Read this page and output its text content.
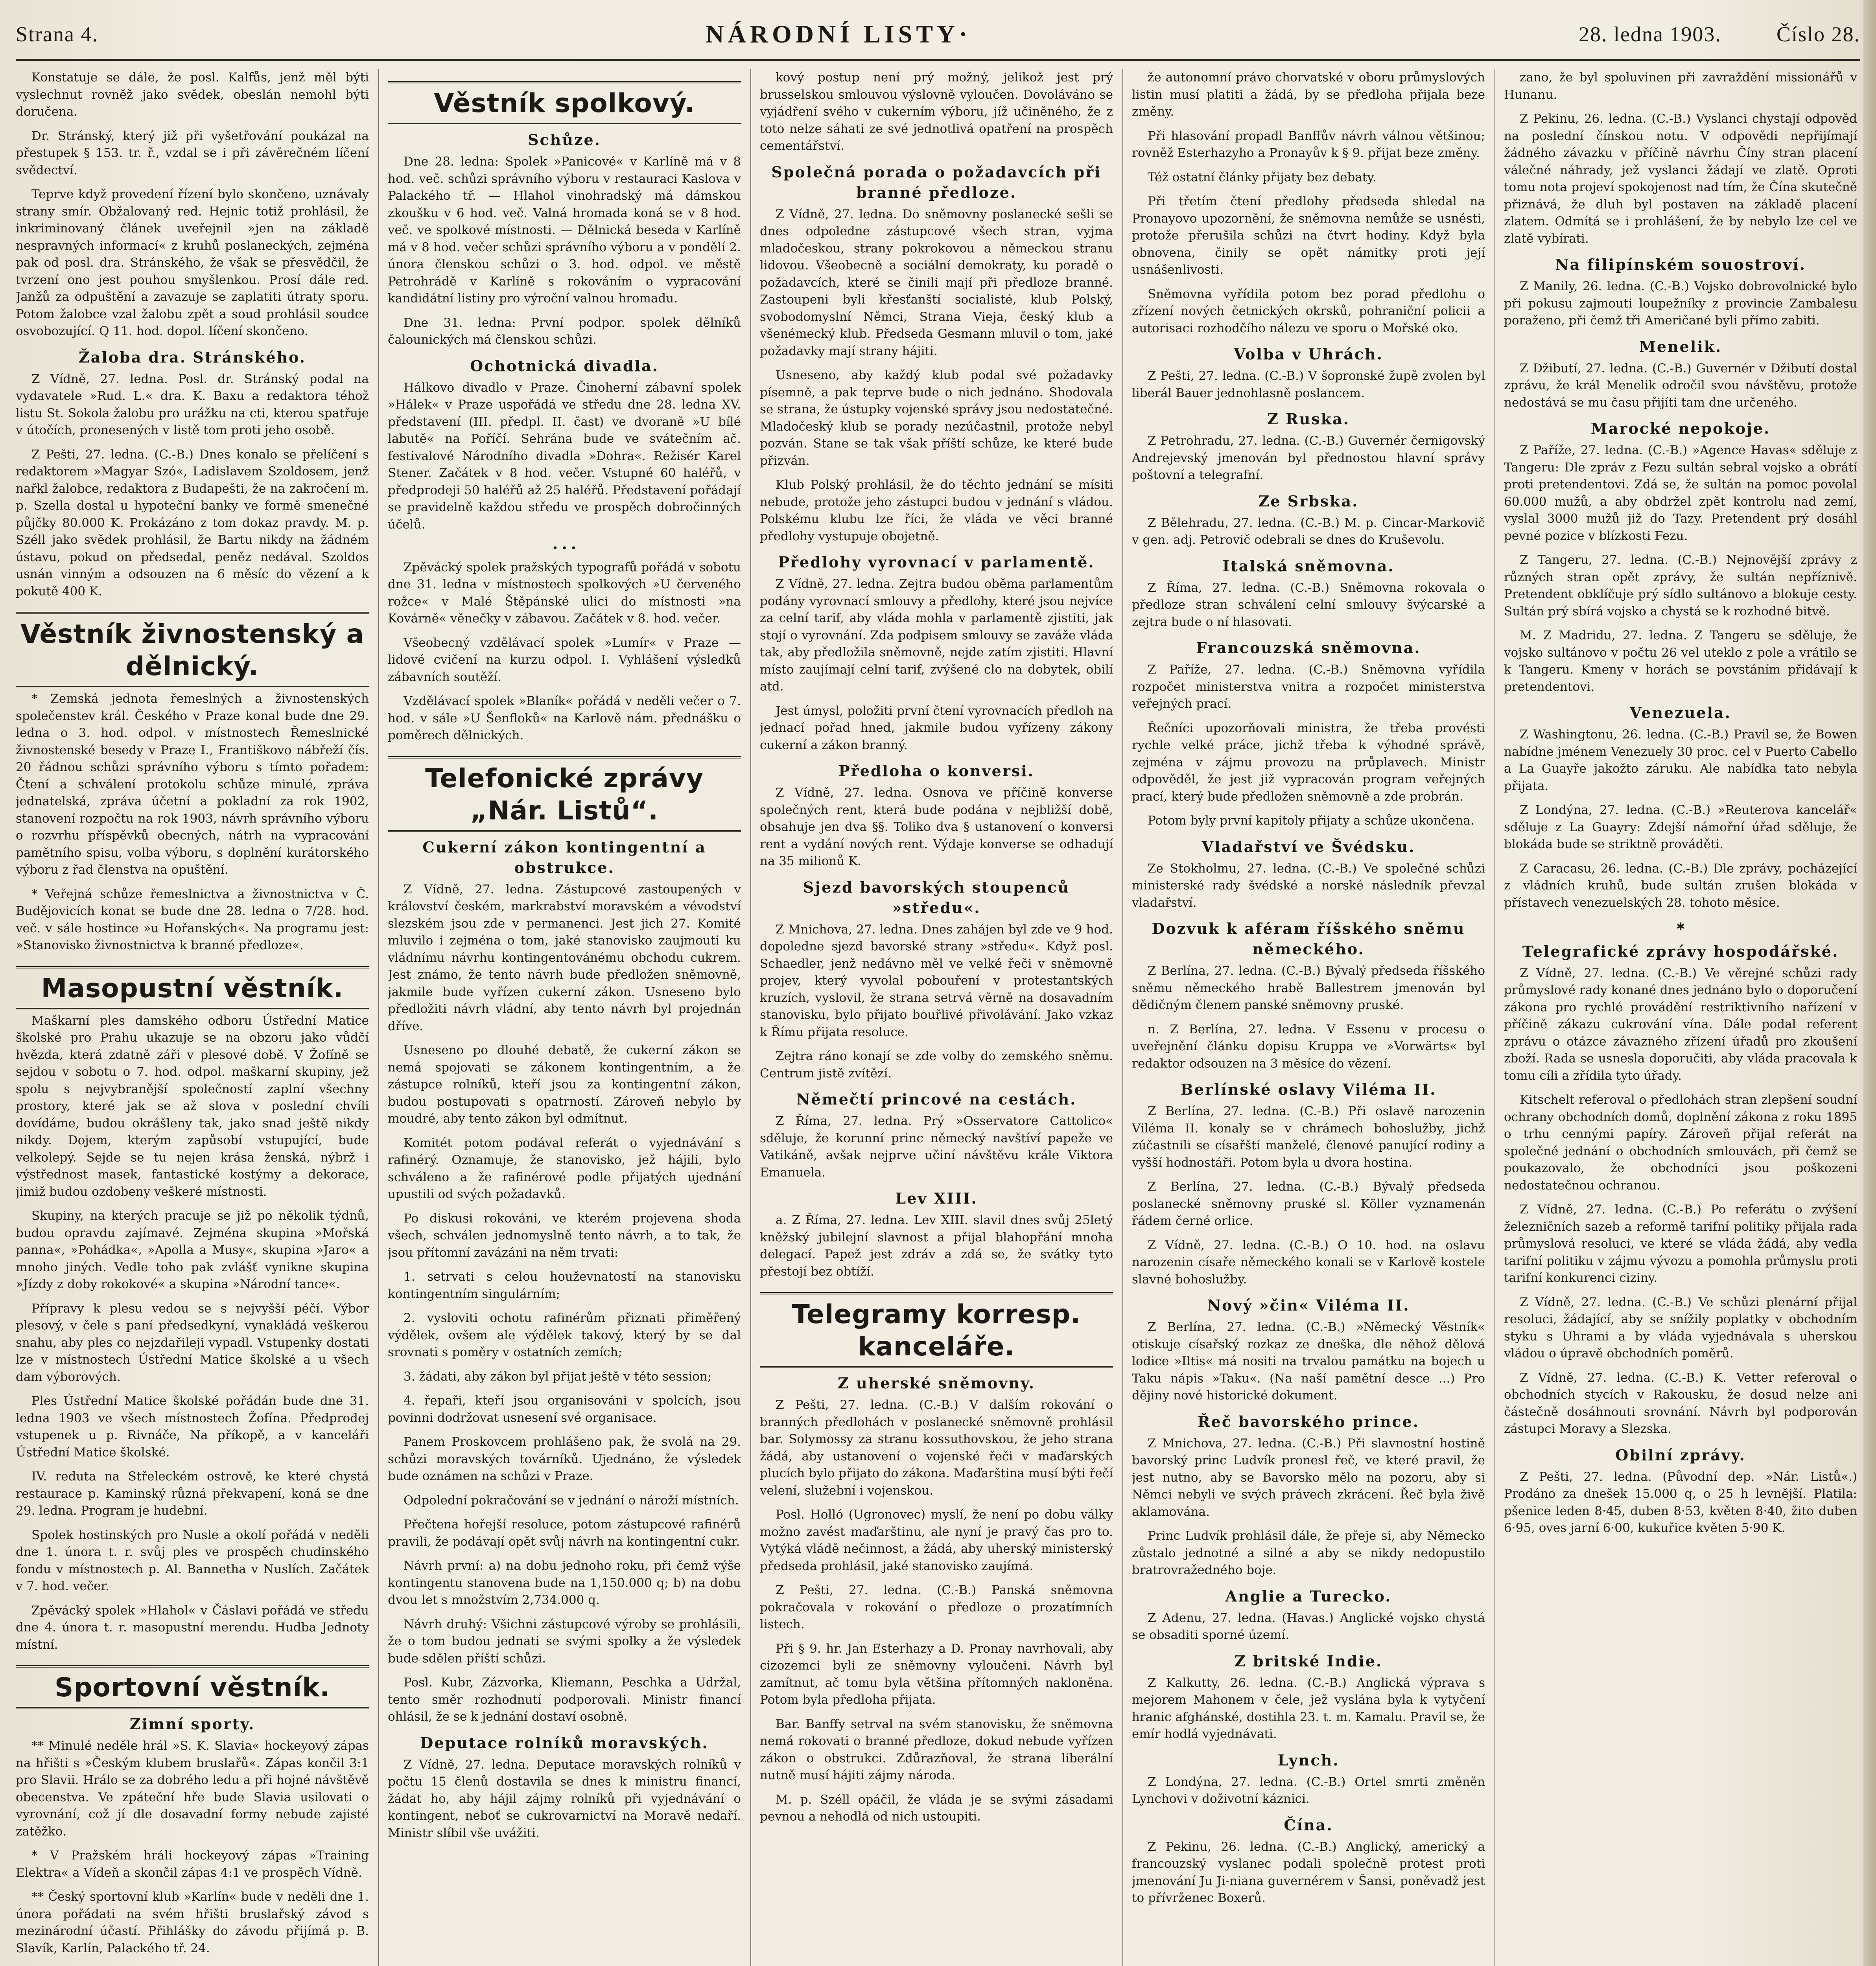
Strana 4.	NÁRODNÍ LISTY·	28. ledna 1903.	Číslo 28.

Konstatuje se dále, že posl. Kalfůs, jenž měl býti vyslechnut rovněž jako svědek, obeslán nemohl býti doručena.

Dr. Stránský, který již při vyšetřování poukázal na přestupek § 153. tr. ř., vzdal se i při závěrečném líčení svědectví.

Teprve když provedení řízení bylo skončeno, uznávaly strany smír. Obžalovaný red. Hejnic totiž prohlásil, že inkriminovaný článek uveřejnil »jen na základě nespravných informací« z kruhů poslaneckých, zejména pak od posl. dra. Stránského, že však se přesvědčil, že tvrzení ono jest pouhou smyšlenkou. Prosí dále red. Janžů za odpuštění a zavazuje se zaplatiti útraty sporu. Potom žalobce vzal žalobu zpět a soud prohlásil soudce osvobozující. Q 11. hod. dopol. líčení skončeno.

Žaloba dra. Stránského.

Z Vídně, 27. ledna. Posl. dr. Stránský podal na vydavatele »Rud. L.« dra. K. Baxu a redaktora téhož listu St. Sokola žalobu pro urážku na cti, kterou spatřuje v útočích, pronesených v listě tom proti jeho osobě.

Z Pešti, 27. ledna. (C.-B.) Dnes konalo se přelíčení s redaktorem »Magyar Szó«, Ladislavem Szoldosem, jenž nařkl žalobce, redaktora z Budapešti, že na zakročení m. p. Szella dostal u hypoteční banky ve formě smenečné půjčky 80.000 K. Prokázáno z tom dokaz pravdy. M. p. Széll jako svědek prohlásil, že Bartu nikdy na žádném ústavu, pokud on předsedal, peněz nedával. Szoldos usnán vinným a odsouzen na 6 měsíc do vězení a k pokutě 400 K.

Věstník živnostenský a dělnický.

* Zemská jednota řemeslných a živnostenských společenstev král. Českého v Praze konal bude dne 29. ledna o 3. hod. odpol. v místnostech Řemeslnické živnostenské besedy v Praze I., Františkovo nábřeží čís. 20 řádnou schůzi správního výboru s tímto pořadem: Čtení a schválení protokolu schůze minulé, zpráva jednatelská, zpráva účetní a pokladní za rok 1902, stanovení rozpočtu na rok 1903, návrh správního výboru o rozvrhu příspěvků obecných, nátrh na vypracování pamětního spisu, volba výboru, s doplnění kurátorského výboru z řad členstva na opuštění.

* Veřejná schůze řemeslnictva a živnostnictva v Č. Budějovicích konat se bude dne 28. ledna o 7/28. hod. več. v sále hostince »u Hořanských«. Na programu jest: »Stanovisko živnostnictva k branné předloze«.

Masopustní věstník.

Maškarní ples damského odboru Ústřední Matice školské pro Prahu ukazuje se na obzoru jako vůdčí hvězda, která zdatně záři v plesové době. V Žofíně se sejdou v sobotu o 7. hod. odpol. maškarní skupiny, jež spolu s nejvybranější společností zaplní všechny prostory, které jak se až slova v poslední chvíli dovídáme, budou okrášleny tak, jako snad ještě nikdy nikdy. Dojem, kterým zapůsobí vstupující, bude velkolepý. Sejde se tu nejen krása ženská, nýbrž i výstřednost masek, fantastické kostýmy a dekorace, jimiž budou ozdobeny veškeré místnosti.

Skupiny, na kterých pracuje se již po několik týdnů, budou opravdu zajímavé. Zejména skupina »Mořská panna«, »Pohádka«, »Apolla a Musy«, skupina »Jaro« a mnoho jiných. Vedle toho pak zvlášť vynikne skupina »Jízdy z doby rokokové« a skupina »Národní tance«.

Přípravy k plesu vedou se s nejvyšší péčí. Výbor plesový, v čele s paní předsedkyní, vynakládá veškerou snahu, aby ples co nejzdařileji vypadl. Vstupenky dostati lze v místnostech Ústřední Matice školské a u všech dam výborových.

Ples Ústřední Matice školské pořádán bude dne 31. ledna 1903 ve všech místnostech Žofína. Předprodej vstupenek u p. Rivnáče, Na příkopě, a v kanceláři Ústřední Matice školské.

IV. reduta na Střeleckém ostrově, ke které chystá restaurace p. Kaminský různá překvapení, koná se dne 29. ledna. Program je hudební.

Spolek hostinských pro Nusle a okolí pořádá v neděli dne 1. února t. r. svůj ples ve prospěch chudinského fondu v místnostech p. Al. Bannetha v Nuslích. Začátek v 7. hod. večer.

Zpěvácký spolek »Hlahol« v Čáslavi pořádá ve středu dne 4. února t. r. masopustní merendu. Hudba Jednoty místní.

Sportovní věstník.
Zimní sporty.

** Minulé neděle hrál »S. K. Slavia« hockeyový zápas na hřišti s »Českým klubem bruslařů«. Zápas končil 3:1 pro Slavii. Hrálo se za dobrého ledu a při hojné návštěvě obecenstva. Ve zpáteční hře bude Slavia usilovati o vyrovnání, což jí dle dosavadní formy nebude zajisté zatěžko.

* V Pražském hráli hockeyový zápas »Training Elektra« a Vídeň a skončil zápas 4:1 ve prospěch Vídně.

** Český sportovní klub »Karlín« bude v neděli dne 1. února pořádati na svém hřišti bruslařský závod s mezinárodní účastí. Přihlášky do závodu přijímá p. B. Slavík, Karlín, Palackého tř. 24.

Věstník spolkový.
Schůze.

Dne 28. ledna: Spolek »Panicové« v Karlíně má v 8 hod. več. schůzi správního výboru v restauraci Kaslova v Palackého tř. — Hlahol vinohradský má dámskou zkoušku v 6 hod. več. Valná hromada koná se v 8 hod. več. ve spolkové místnosti. — Dělnická beseda v Karlíně má v 8 hod. večer schůzi správního výboru a v pondělí 2. února členskou schůzi o 3. hod. odpol. ve městě Petrohrádě v Karlíně s rokováním o vypracování kandidátní listiny pro výroční valnou hromadu.

Dne 31. ledna: První podpor. spolek dělníků čalounických má členskou schůzi.

Ochotnická divadla.

Hálkovo divadlo v Praze. Činoherní zábavní spolek »Hálek« v Praze uspořádá ve středu dne 28. ledna XV. představení (III. předpl. II. čast) ve dvoraně »U bílé labutě« na Poříčí. Sehrána bude ve svátečním ač. festivalové Národního divadla »Dohra«. Režisér Karel Stener. Začátek v 8 hod. večer. Vstupné 60 haléřů, v předprodeji 50 haléřů až 25 haléřů. Představení pořádají se pravidelně každou středu ve prospěch dobročinných účelů.

• • •

Zpěvácký spolek pražských typografů pořádá v sobotu dne 31. ledna v místnostech spolkových »U červeného rožce« v Malé Štěpánské ulici do místnosti »na Kovárně« věnečky v zábavou. Začátek v 8. hod. večer.

Všeobecný vzdělávací spolek »Lumír« v Praze — lidové cvičení na kurzu odpol. I. Vyhlášení výsledků zábavních soutěží.

Vzdělávací spolek »Blaník« pořádá v neděli večer o 7. hod. v sále »U Šenfloků« na Karlově nám. přednášku o poměrech dělnických.

Telefonické zprávy „Nár. Listů“.
Cukerní zákon kontingentní a obstrukce.

Z Vídně, 27. ledna. Zástupcové zastoupených v království českém, markrabství moravském a vévodství slezském jsou zde v permanenci. Jest jich 27. Komité mluvilo i zejména o tom, jaké stanovisko zaujmouti ku vládnímu návrhu kontingentovánému obchodu cukrem. Jest známo, že tento návrh bude předložen sněmovně, jakmile bude vyřízen cukerní zákon. Usneseno bylo předložiti návrh vládní, aby tento návrh byl projednán dříve.

Usneseno po dlouhé debatě, že cukerní zákon se nemá spojovati se zákonem kontingentním, a že zástupce rolníků, kteří jsou za kontingentní zákon, budou postupovati s opatrností. Zároveň nebylo by moudré, aby tento zákon byl odmítnut.

Komitét potom podával referát o vyjednávání s rafinérý. Oznamuje, že stanovisko, jež hájili, bylo schváleno a že rafinérové podle přijatých ujednání upustili od svých požadavků.

Po diskusi rokováni, ve kterém projevena shoda všech, schválen jednomyslně tento návrh, a to tak, že jsou přítomní zavázáni na něm trvati:

1. setrvati s celou houževnatostí na stanovisku kontingentním singulárním;

2. vysloviti ochotu rafinérům přiznati přiměřený výdělek, ovšem ale výdělek takový, který by se dal srovnati s poměry v ostatních zemích;

3. žádati, aby zákon byl přijat ještě v této session;

4. řepaři, kteří jsou organisováni v spolcích, jsou povinni dodržovat usnesení své organisace.

Panem Proskovcem prohlášeno pak, že svolá na 29. schůzi moravských továrníků. Ujednáno, že výsledek bude oznámen na schůzi v Praze.

Odpolední pokračování se v jednání o nároží místních.

Přečtena hořejší resoluce, potom zástupcové rafinérů pravili, že podávají opět svůj návrh na kontingentní cukr.

Návrh první: a) na dobu jednoho roku, při čemž výše kontingentu stanovena bude na 1,150.000 q; b) na dobu dvou let s množstvím 2,734.000 q.

Návrh druhý: Všichni zástupcové výroby se prohlásili, že o tom budou jednati se svými spolky a že výsledek bude sdělen příští schůzi.

Posl. Kubr, Zázvorka, Kliemann, Peschka a Udržal, tento směr rozhodnutí podporovali. Ministr financí ohlásil, že se k jednání dostaví osobně.

Deputace rolníků moravských.

Z Vídně, 27. ledna. Deputace moravských rolníků v počtu 15 členů dostavila se dnes k ministru financí, žádat ho, aby hájil zájmy rolníků při vyjednávání o kontingent, neboť se cukrovarnictví na Moravě nedaří. Ministr slíbil vše uvážiti.

kový postup není prý možný, jelikož jest prý brusselskou smlouvou výslovně vyloučen. Dovoláváno se vyjádření svého v cukerním výboru, jíž učiněného, že z toto nelze sáhati ze své jednotlivá opatření na prospěch cementářství.

Společná porada o požadavcích při branné předloze.

Z Vídně, 27. ledna. Do sněmovny poslanecké sešli se dnes odpoledne zástupcové všech stran, vyjma mladočeskou, strany pokrokovou a německou stranu lidovou. Všeobecně a sociální demokraty, ku poradě o požadavcích, které se činili mají při předloze branné. Zastoupeni byli křesťanští socialisté, klub Polský, svobodomyslní Němci, Strana Vieja, český klub a všenémecký klub. Předseda Gesmann mluvil o tom, jaké požadavky mají strany hájiti.

Usneseno, aby každý klub podal své požadavky písemně, a pak teprve bude o nich jednáno. Shodovala se strana, že ústupky vojenské správy jsou nedostatečné. Mladočeský klub se porady nezúčastnil, protože nebyl pozván. Stane se tak však příští schůze, ke které bude přizván.

Klub Polský prohlásil, že do těchto jednání se mísiti nebude, protože jeho zástupci budou v jednání s vládou. Polskému klubu lze říci, že vláda ve věci branné předlohy vystupuje obojetně.

Předlohy vyrovnací v parlamentě.

Z Vídně, 27. ledna. Zejtra budou oběma parlamentům podány vyrovnací smlouvy a předlohy, které jsou nejvíce za celní tarif, aby vláda mohla v parlamentě zjistiti, jak stojí o vyrovnání. Zda podpisem smlouvy se zaváže vláda tak, aby předložila sněmovně, nejde zatím zjistiti. Hlavní místo zaujímají celní tarif, zvýšené clo na dobytek, obilí atd.

Jest úmysl, položiti první čtení vyrovnacích předloh na jednací pořad hned, jakmile budou vyřízeny zákony cukerní a zákon branný.

Předloha o konversi.

Z Vídně, 27. ledna. Osnova ve příčině konverse společných rent, která bude podána v nejbližší době, obsahuje jen dva §§. Toliko dva § ustanovení o konversi rent a vydání nových rent. Výdaje konverse se odhadují na 35 milionů K.

Sjezd bavorských stoupenců »středu«.

Z Mnichova, 27. ledna. Dnes zahájen byl zde ve 9 hod. dopoledne sjezd bavorské strany »středu«. Když posl. Schaedler, jenž nedávno měl ve velké řeči v sněmovně projev, který vyvolal pobouření v protestantských kruzích, vyslovil, že strana setrvá věrně na dosavadním stanovisku, bylo přijato bouřlivé přivolávání. Jako vzkaz k Římu přijata resoluce.

Zejtra ráno konají se zde volby do zemského sněmu. Centrum jistě zvítězí.

Němečtí princové na cestách.

Z Říma, 27. ledna. Prý »Osservatore Cattolico« sděluje, že korunní princ německý navštíví papeže ve Vatikáně, avšak nejprve učiní návštěvu krále Viktora Emanuela.

Lev XIII.

a. Z Říma, 27. ledna. Lev XIII. slavil dnes svůj 25letý kněžský jubilejní slavnost a přijal blahopřání mnoha delegací. Papež jest zdráv a zdá se, že svátky tyto přestojí bez obtíží.

Telegramy korresp. kanceláře.
Z uherské sněmovny.

Z Pešti, 27. ledna. (C.-B.) V dalším rokování o branných předlohách v poslanecké sněmovně prohlásil bar. Solymossy za stranu kossuthovskou, že jeho strana žádá, aby ustanovení o vojenské řeči v maďarských plucích bylo přijato do zákona. Maďarština musí býti řečí velení, služební i vojenskou.

Posl. Holló (Ugronovec) myslí, že není po dobu války možno zavést maďarštinu, ale nyní je pravý čas pro to. Vytýká vládě nečinnost, a žádá, aby uherský ministerský předseda prohlásil, jaké stanovisko zaujímá.

Z Pešti, 27. ledna. (C.-B.) Panská sněmovna pokračovala v rokování o předloze o prozatímních listech.

Při § 9. hr. Jan Esterhazy a D. Pronay navrhovali, aby cizozemci byli ze sněmovny vyloučeni. Návrh byl zamítnut, ač tomu byla většina přítomných nakloněna. Potom byla předloha přijata.

Bar. Banffy setrval na svém stanovisku, že sněmovna nemá rokovati o branné předloze, dokud nebude vyřízen zákon o obstrukci. Zdůrazňoval, že strana liberální nutně musí hájiti zájmy národa.

M. p. Széll opáčil, že vláda je se svými zásadami pevnou a nehodlá od nich ustoupiti.

že autonomní právo chorvatské v oboru průmyslových listin musí platiti a žádá, by se předloha přijala beze změny.

Při hlasování propadl Banffův návrh válnou většinou; rovněž Esterhazyho a Pronayův k § 9. přijat beze změny.

Též ostatní články přijaty bez debaty.

Při třetím čtení předlohy předseda shledal na Pronayovo upozornění, že sněmovna nemůže se usnésti, protože přerušila schůzi na čtvrt hodiny. Když byla obnovena, činily se opět námitky proti její usnášenlivosti.

Sněmovna vyřídila potom bez porad předlohu o zřízení nových četnických okrsků, pohraniční policii a autorisaci rozhodčího nálezu ve sporu o Mořské oko.

Volba v Uhrách.

Z Pešti, 27. ledna. (C.-B.) V šopronské župě zvolen byl liberál Bauer jednohlasně poslancem.

Z Ruska.

Z Petrohradu, 27. ledna. (C.-B.) Guvernér černigovský Andrejevský jmenován byl přednostou hlavní správy poštovní a telegrafní.

Ze Srbska.

Z Bělehradu, 27. ledna. (C.-B.) M. p. Cincar-Markovič v gen. adj. Petrovič odebrali se dnes do Kruševolu.

Italská sněmovna.

Z Říma, 27. ledna. (C.-B.) Sněmovna rokovala o předloze stran schválení celní smlouvy švýcarské a zejtra bude o ní hlasovati.

Francouzská sněmovna.

Z Paříže, 27. ledna. (C.-B.) Sněmovna vyřídila rozpočet ministerstva vnitra a rozpočet ministerstva veřejných prací.

Řečníci upozorňovali ministra, že třeba provésti rychle velké práce, jichž třeba k výhodné správě, zejména v zájmu provozu na průplavech. Ministr odpověděl, že jest již vypracován program veřejných prací, který bude předložen sněmovně a zde probrán.

Potom byly první kapitoly přijaty a schůze ukončena.

Vladařství ve Švédsku.

Ze Stokholmu, 27. ledna. (C.-B.) Ve společné schůzi ministerské rady švédské a norské následník převzal vladařství.

Dozvuk k aféram říšského sněmu německého.

Z Berlína, 27. ledna. (C.-B.) Bývalý předseda říšského sněmu německého hrabě Ballestrem jmenován byl dědičným členem panské sněmovny pruské.

n. Z Berlína, 27. ledna. V Essenu v procesu o uveřejnění článku dopisu Kruppa ve »Vorwärts« byl redaktor odsouzen na 3 měsíce do vězení.

Berlínské oslavy Viléma II.

Z Berlína, 27. ledna. (C.-B.) Při oslavě narozenin Viléma II. konaly se v chrámech bohoslužby, jichž zúčastnili se císařští manželé, členové panující rodiny a vyšší hodnostáři. Potom byla u dvora hostina.

Z Berlína, 27. ledna. (C.-B.) Bývalý předseda poslanecké sněmovny pruské sl. Köller vyznamenán řádem černé orlice.

Z Vídně, 27. ledna. (C.-B.) O 10. hod. na oslavu narozenin císaře německého konali se v Karlově kostele slavné bohoslužby.

Nový »čin« Viléma II.

Z Berlína, 27. ledna. (C.-B.) »Německý Věstník« otiskuje císařský rozkaz ze dneška, dle něhož dělová lodice »Iltis« má nositi na trvalou památku na bojech u Taku nápis »Taku«. (Na naší pamětní desce ...) Pro dějiny nové historické dokument.

Řeč bavorského prince.

Z Mnichova, 27. ledna. (C.-B.) Při slavnostní hostině bavorský princ Ludvík pronesl řeč, ve které pravil, že jest nutno, aby se Bavorsko mělo na pozoru, aby si Němci nebyli ve svých právech zkrácení. Řeč byla živě aklamována.

Princ Ludvík prohlásil dále, že přeje si, aby Německo zůstalo jednotné a silné a aby se nikdy nedopustilo bratrovražedného boje.

Anglie a Turecko.

Z Adenu, 27. ledna. (Havas.) Anglické vojsko chystá se obsaditi sporné území.

Z britské Indie.

Z Kalkutty, 26. ledna. (C.-B.) Anglická výprava s mejorem Mahonem v čele, jež vyslána byla k vytyčení hranic afghánské, dostihla 23. t. m. Kamalu. Pravil se, že emír hodlá vyjednávati.

Lynch.

Z Londýna, 27. ledna. (C.-B.) Ortel smrti změněn Lynchovi v doživotní káznici.

Čína.

Z Pekinu, 26. ledna. (C.-B.) Anglický, americký a francouzský vyslanec podali společně protest proti jmenování Ju Ji-niana guvernérem v Šansi, poněvadž jest to přívrženec Boxerů.

zano, že byl spoluvinen při zavraždění missionářů v Hunanu.

Z Pekinu, 26. ledna. (C.-B.) Vyslanci chystají odpověď na poslední čínskou notu. V odpovědi nepřijímají žádného závazku v příčině návrhu Číny stran placení válečné náhrady, jež vyslanci žádají ve zlatě. Oproti tomu nota projeví spokojenost nad tím, že Čína skutečně přiznává, že dluh byl postaven na základě placení zlatem. Odmítá se i prohlášení, že by nebylo lze cel ve zlatě vybírati.

Na filipínském souostroví.

Z Manily, 26. ledna. (C.-B.) Vojsko dobrovolnické bylo při pokusu zajmouti loupežníky z provincie Zambalesu poraženo, při čemž tři Američané byli přímo zabiti.

Menelik.

Z Džibutí, 27. ledna. (C.-B.) Guvernér v Džibutí dostal zprávu, že král Menelik odročil svou návštěvu, protože nedostává se mu času přijíti tam dne určeného.

Marocké nepokoje.

Z Paříže, 27. ledna. (C.-B.) »Agence Havas« sděluje z Tangeru: Dle zpráv z Fezu sultán sebral vojsko a obrátí proti pretendentovi. Zdá se, že sultán na pomoc povolal 60.000 mužů, a aby obdržel zpět kontrolu nad zemí, vyslal 3000 mužů již do Tazy. Pretendent prý dosáhl pevné pozice v blízkosti Fezu.

Z Tangeru, 27. ledna. (C.-B.) Nejnovější zprávy z různých stran opět zprávy, že sultán nepříznivě. Pretendent obklíčuje prý sídlo sultánovo a blokuje cesty. Sultán prý sbírá vojsko a chystá se k rozhodné bitvě.

M. Z Madridu, 27. ledna. Z Tangeru se sděluje, že vojsko sultánovo v počtu 26 vel uteklo z pole a vrátilo se k Tangeru. Kmeny v horách se povstáním přidávají k pretendentovi.

Venezuela.

Z Washingtonu, 26. ledna. (C.-B.) Pravil se, že Bowen nabídne jménem Venezuely 30 proc. cel v Puerto Cabello a La Guayře jakožto záruku. Ale nabídka tato nebyla přijata.

Z Londýna, 27. ledna. (C.-B.) »Reuterova kancelář« sděluje z La Guayry: Zdejší námořní úřad sděluje, že blokáda bude se striktně prováděti.

Z Caracasu, 26. ledna. (C.-B.) Dle zprávy, pocházející z vládních kruhů, bude sultán zrušen blokáda v přístavech venezuelských 28. tohoto měsíce.

✱
Telegrafické zprávy hospodářské.

Z Vídně, 27. ledna. (C.-B.) Ve věrejné schůzi rady průmyslové rady konané dnes jednáno bylo o doporučení zákona pro rychlé provádění restriktivního nařízení v příčině zákazu cukrování vína. Dále podal referent zprávu o otázce závazného zřízení úřadů pro zkoušení zboží. Rada se usnesla doporučiti, aby vláda pracovala k tomu cíli a zřídila tyto úřady.

Kitschelt referoval o předlohách stran zlepšení soudní ochrany obchodních domů, doplnění zákona z roku 1895 o trhu cennými papíry. Zároveň přijal referát na společné jednání o obchodních smlouvách, při čemž se poukazovalo, že obchodníci jsou poškozeni nedostatečnou ochranou.

Z Vídně, 27. ledna. (C.-B.) Po referátu o zvýšení železničních sazeb a reformě tarifní politiky přijala rada průmyslová resoluci, ve které se vláda žádá, aby vedla tarifní politiku v zájmu vývozu a pomohla průmyslu proti tarifní konkurenci ciziny.

Z Vídně, 27. ledna. (C.-B.) Ve schůzi plenární přijal resoluci, žádající, aby se snížily poplatky v obchodním styku s Uhrami a by vláda vyjednávala s uherskou vládou o úpravě obchodních poměrů.

Z Vídně, 27. ledna. (C.-B.) K. Vetter referoval o obchodních stycích v Rakousku, že dosud nelze ani částečně dosáhnouti srovnání. Návrh byl podporován zástupci Moravy a Slezska.

Obilní zprávy.

Z Pešti, 27. ledna. (Původní dep. »Nár. Listů«.) Prodáno za dnešek 15.000 q, o 25 h levnější. Platila: pšenice leden 8·45, duben 8·53, květen 8·40, žito duben 6·95, oves jarní 6·00, kukuřice květen 5·90 K.
